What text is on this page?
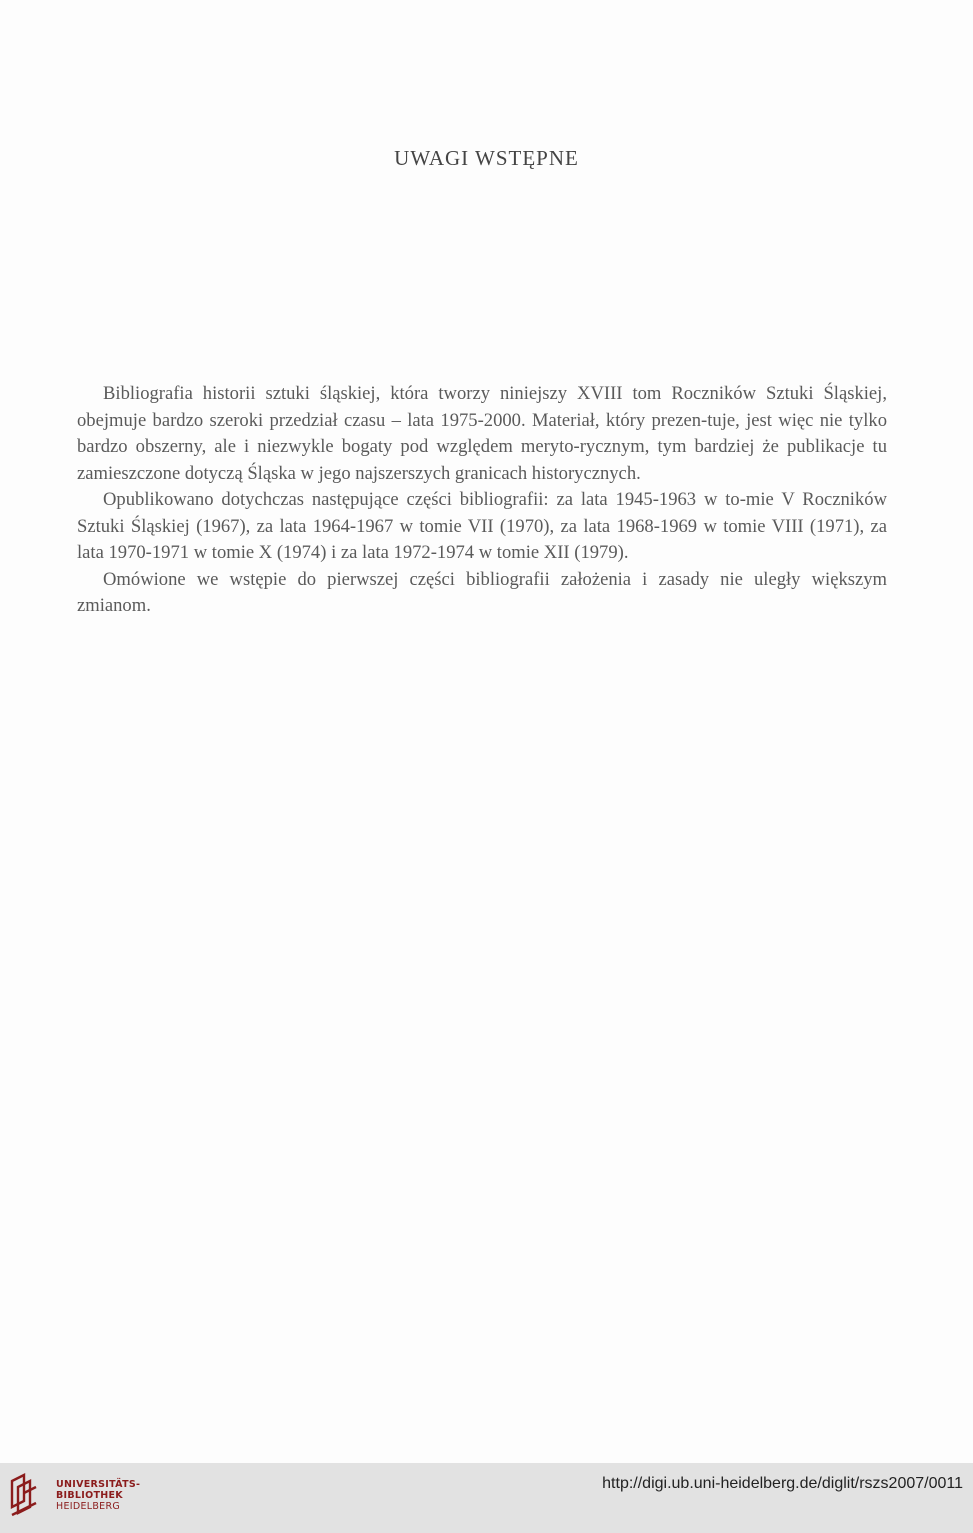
UWAGI WSTĘPNE

Bibliografia historii sztuki śląskiej, która tworzy niniejszy XVIII tom Roczników Sztuki Śląskiej, obejmuje bardzo szeroki przedział czasu – lata 1975-2000. Materiał, który prezen-tuje, jest więc nie tylko bardzo obszerny, ale i niezwykle bogaty pod względem meryto-rycznym, tym bardziej że publikacje tu zamieszczone dotyczą Śląska w jego najszerszych granicach historycznych.

Opublikowano dotychczas następujące części bibliografii: za lata 1945-1963 w to-mie V Roczników Sztuki Śląskiej (1967), za lata 1964-1967 w tomie VII (1970), za lata 1968-1969 w tomie VIII (1971), za lata 1970-1971 w tomie X (1974) i za lata 1972-1974 w tomie XII (1979).

Omówione we wstępie do pierwszej części bibliografii założenia i zasady nie uległy większym zmianom.

UNIVERSITÄTS-
BIBLIOTHEK
HEIDELBERG
http://digi.ub.uni-heidelberg.de/diglit/rszs2007/0011
